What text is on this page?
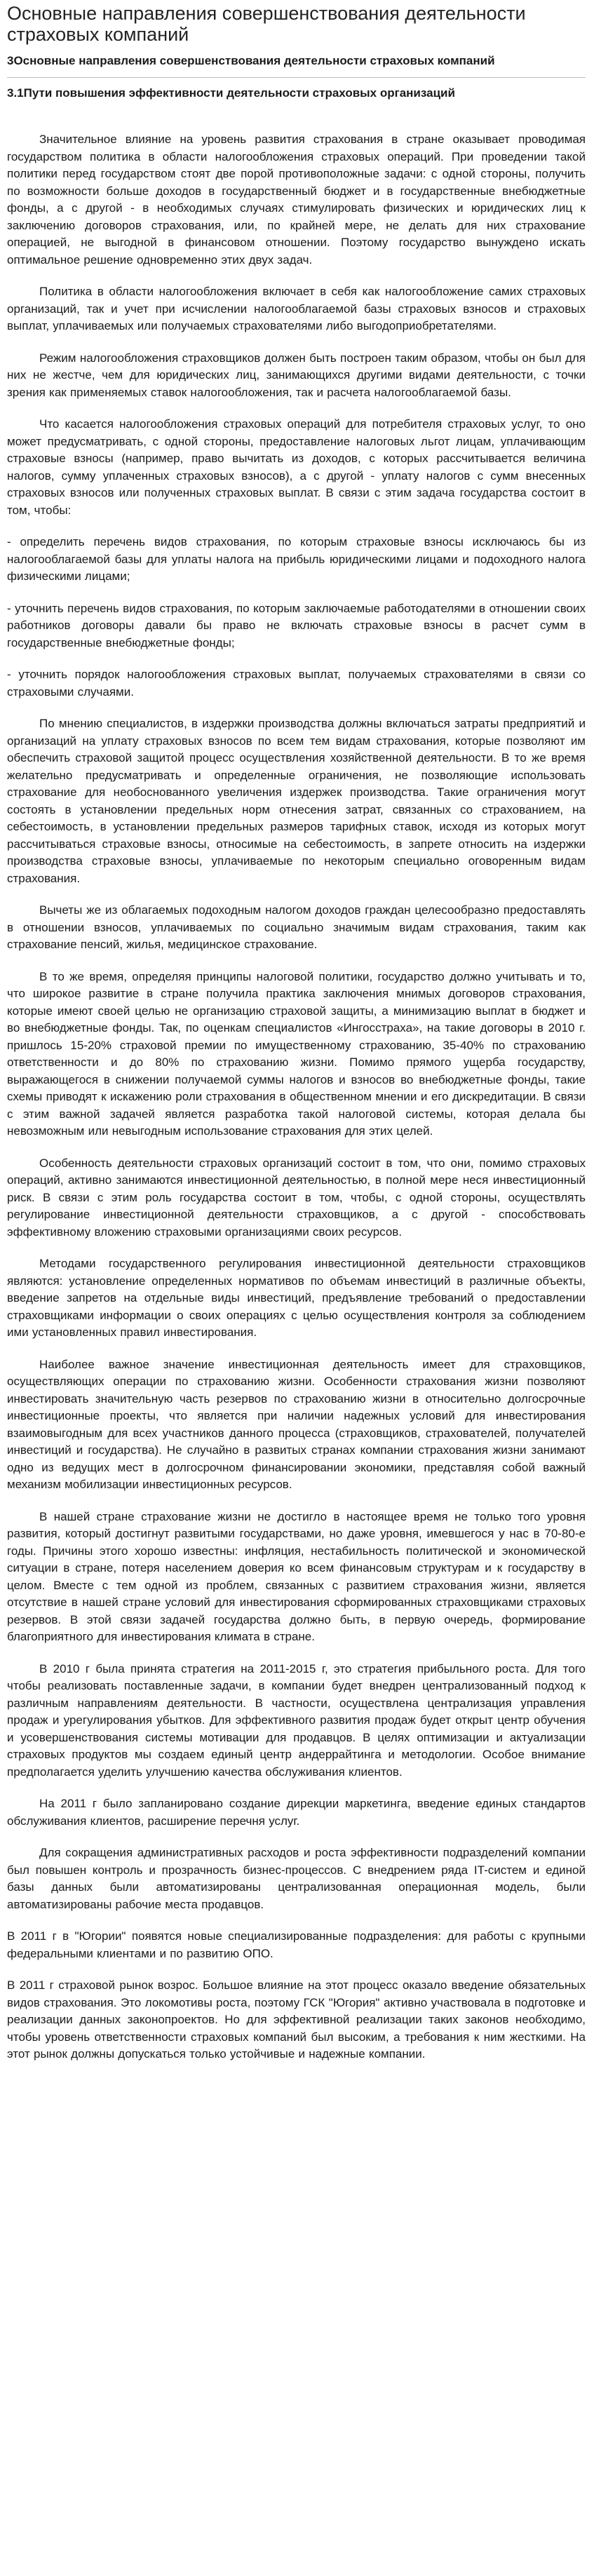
Основные направления совершенствования деятельности страховых компаний
3Основные направления совершенствования деятельности страховых компаний
3.1Пути повышения эффективности деятельности страховых организаций

Значительное влияние на уровень развития страхования в стране оказывает проводимая государством политика в области налогообложения страховых операций. При проведении такой политики перед государством стоят две порой противоположные задачи: с одной стороны, получить по возможности больше доходов в государственный бюджет и в государственные внебюджетные фонды, а с другой - в необходимых случаях стимулировать физических и юридических лиц к заключению договоров страхования, или, по крайней мере, не делать для них страхование операцией, не выгодной в финансовом отношении. Поэтому государство вынуждено искать оптимальное решение одновременно этих двух задач.

Политика в области налогообложения включает в себя как налогообложение самих страховых организаций, так и учет при исчислении налогооблагаемой базы страховых взносов и страховых выплат, уплачиваемых или получаемых страхователями либо выгодоприобретателями.

Режим налогообложения страховщиков должен быть построен таким образом, чтобы он был для них не жестче, чем для юридических лиц, занимающихся другими видами деятельности, с точки зрения как применяемых ставок налогообложения, так и расчета налогооблагаемой базы.

Что касается налогообложения страховых операций для потребителя страховых услуг, то оно может предусматривать, с одной стороны, предоставление налоговых льгот лицам, уплачивающим страховые взносы (например, право вычитать из доходов, с которых рассчитывается величина налогов, сумму уплаченных страховых взносов), а с другой - уплату налогов с сумм внесенных страховых взносов или полученных страховых выплат. В связи с этим задача государства состоит в том, чтобы:

- определить перечень видов страхования, по которым страховые взносы исключаюсь бы из налогооблагаемой базы для уплаты налога на прибыль юридическими лицами и подоходного налога физическими лицами;

- уточнить перечень видов страхования, по которым заключаемые работодателями в отношении своих работников договоры давали бы право не включать страховые взносы в расчет сумм в государственные внебюджетные фонды;

- уточнить порядок налогообложения страховых выплат, получаемых страхователями в связи со страховыми случаями.

По мнению специалистов, в издержки производства должны включаться затраты предприятий и организаций на уплату страховых взносов по всем тем видам страхования, которые позволяют им обеспечить страховой защитой процесс осуществления хозяйственной деятельности. В то же время желательно предусматривать и определенные ограничения, не позволяющие использовать страхование для необоснованного увеличения издержек производства. Такие ограничения могут состоять в установлении предельных норм отнесения затрат, связанных со страхованием, на себестоимость, в установлении предельных размеров тарифных ставок, исходя из которых могут рассчитываться страховые взносы, относимые на себестоимость, в запрете относить на издержки производства страховые взносы, уплачиваемые по некоторым специально оговоренным видам страхования.

Вычеты же из облагаемых подоходным налогом доходов граждан целесообразно предоставлять в отношении взносов, уплачиваемых по социально значимым видам страхования, таким как страхование пенсий, жилья, медицинское страхование.

В то же время, определяя принципы налоговой политики, государство должно учитывать и то, что широкое развитие в стране получила практика заключения мнимых договоров страхования, которые имеют своей целью не организацию страховой защиты, а минимизацию выплат в бюджет и во внебюджетные фонды. Так, по оценкам специалистов «Ингосстраха», на такие договоры в 2010 г. пришлось 15-20% страховой премии по имущественному страхованию, 35-40% по страхованию ответственности и до 80% по страхованию жизни. Помимо прямого ущерба государству, выражающегося в снижении получаемой суммы налогов и взносов во внебюджетные фонды, такие схемы приводят к искажению роли страхования в общественном мнении и его дискредитации. В связи с этим важной задачей является разработка такой налоговой системы, которая делала бы невозможным или невыгодным использование страхования для этих целей.

Особенность деятельности страховых организаций состоит в том, что они, помимо страховых операций, активно занимаются инвестиционной деятельностью, в полной мере неся инвестиционный риск. В связи с этим роль государства состоит в том, чтобы, с одной стороны, осуществлять регулирование инвестиционной деятельности страховщиков, а с другой - способствовать эффективному вложению страховыми организациями своих ресурсов.

Методами государственного регулирования инвестиционной деятельности страховщиков являются: установление определенных нормативов по объемам инвестиций в различные объекты, введение запретов на отдельные виды инвестиций, предъявление требований о предоставлении страховщиками информации о своих операциях с целью осуществления контроля за соблюдением ими установленных правил инвестирования.

Наиболее важное значение инвестиционная деятельность имеет для страховщиков, осуществляющих операции по страхованию жизни. Особенности страхования жизни позволяют инвестировать значительную часть резервов по страхованию жизни в относительно долгосрочные инвестиционные проекты, что является при наличии надежных условий для инвестирования взаимовыгодным для всех участников данного процесса (страховщиков, страхователей, получателей инвестиций и государства). Не случайно в развитых странах компании страхования жизни занимают одно из ведущих мест в долгосрочном финансировании экономики, представляя собой важный механизм мобилизации инвестиционных ресурсов.

В нашей стране страхование жизни не достигло в настоящее время не только того уровня развития, который достигнут развитыми государствами, но даже уровня, имевшегося у нас в 70-80-е годы. Причины этого хорошо известны: инфляция, нестабильность политической и экономической ситуации в стране, потеря населением доверия ко всем финансовым структурам и к государству в целом. Вместе с тем одной из проблем, связанных с развитием страхования жизни, является отсутствие в нашей стране условий для инвестирования сформированных страховщиками страховых резервов. В этой связи задачей государства должно быть, в первую очередь, формирование благоприятного для инвестирования климата в стране.

В 2010 г была принята стратегия на 2011-2015 г, это стратегия прибыльного роста. Для того чтобы реализовать поставленные задачи, в компании будет внедрен централизованный подход к различным направлениям деятельности. В частности, осуществлена централизация управления продаж и урегулирования убытков. Для эффективного развития продаж будет открыт центр обучения и усовершенствования системы мотивации для продавцов. В целях оптимизации и актуализации страховых продуктов мы создаем единый центр андеррайтинга и методологии. Особое внимание предполагается уделить улучшению качества обслуживания клиентов.

На 2011 г было запланировано создание дирекции маркетинга, введение единых стандартов обслуживания клиентов, расширение перечня услуг.

Для сокращения административных расходов и роста эффективности подразделений компании был повышен контроль и прозрачность бизнес-процессов. С внедрением ряда IT-систем и единой базы данных были автоматизированы централизованная операционная модель, были автоматизированы рабочие места продавцов.

В 2011 г в "Югории" появятся новые специализированные подразделения: для работы с крупными федеральными клиентами и по развитию ОПО.

В 2011 г страховой рынок возрос. Большое влияние на этот процесс оказало введение обязательных видов страхования. Это локомотивы роста, поэтому ГСК "Югория" активно участвовала в подготовке и реализации данных законопроектов. Но для эффективной реализации таких законов необходимо, чтобы уровень ответственности страховых компаний был высоким, а требования к ним жесткими. На этот рынок должны допускаться только устойчивые и надежные компании.
